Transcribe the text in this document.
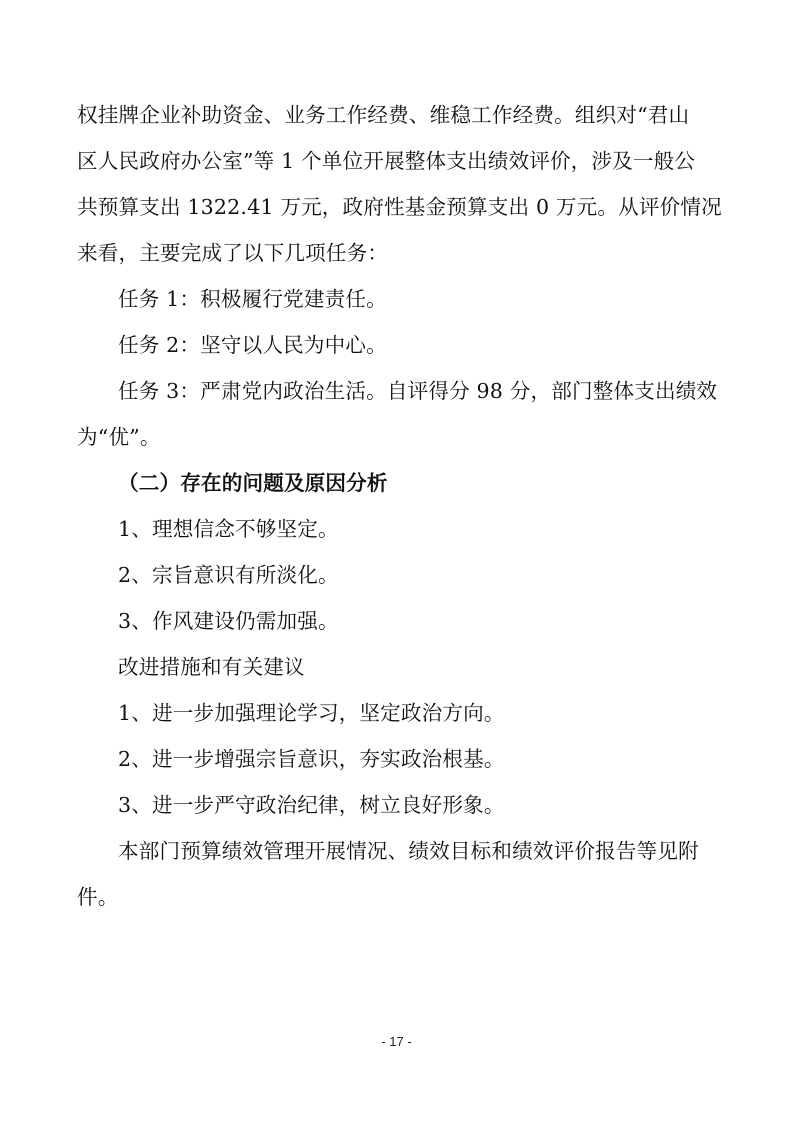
权挂牌企业补助资金、业务工作经费、维稳工作经费。组织对“君山
区人民政府办公室”等 1 个单位开展整体支出绩效评价，涉及一般公
共预算支出 1322.41 万元，政府性基金预算支出 0 万元。从评价情况
来看，主要完成了以下几项任务：
任务 1：积极履行党建责任。
任务 2：坚守以人民为中心。
任务 3：严肃党内政治生活。自评得分 98 分，部门整体支出绩效
为“优”。
（二）存在的问题及原因分析
1、理想信念不够坚定。
2、宗旨意识有所淡化。
3、作风建设仍需加强。
改进措施和有关建议
1、进一步加强理论学习，坚定政治方向。
2、进一步增强宗旨意识，夯实政治根基。
3、进一步严守政治纪律，树立良好形象。
本部门预算绩效管理开展情况、绩效目标和绩效评价报告等见附
件。
- 17 -
